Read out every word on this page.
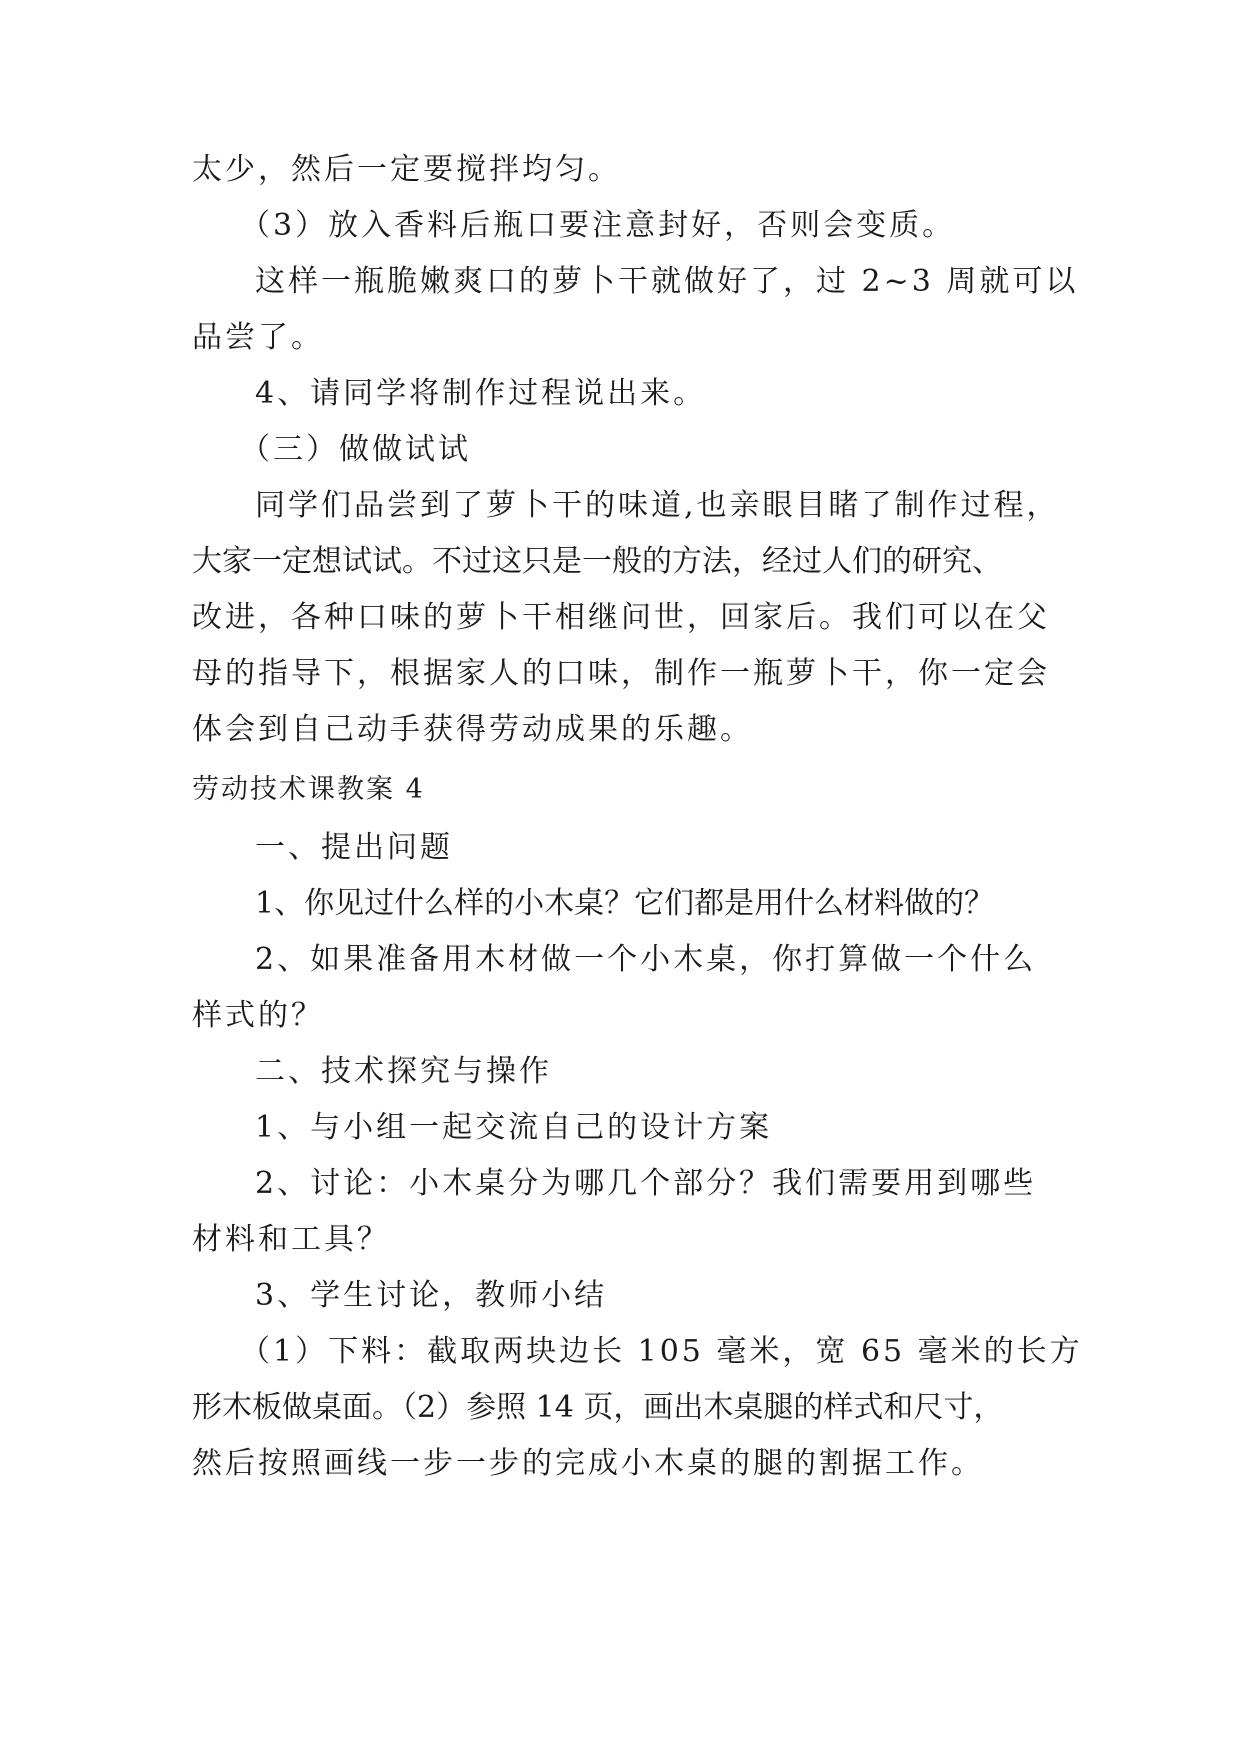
太少，然后一定要搅拌均匀。

（3）放入香料后瓶口要注意封好，否则会变质。

这样一瓶脆嫩爽口的萝卜干就做好了，过 2~3 周就可以

品尝了。

4、请同学将制作过程说出来。

（三）做做试试

同学们品尝到了萝卜干的味道,也亲眼目睹了制作过程，

大家一定想试试。不过这只是一般的方法，经过人们的研究、

改进，各种口味的萝卜干相继问世，回家后。我们可以在父

母的指导下，根据家人的口味，制作一瓶萝卜干，你一定会

体会到自己动手获得劳动成果的乐趣。

劳动技术课教案 4

一、提出问题

1、你见过什么样的小木桌？它们都是用什么材料做的？

2、如果准备用木材做一个小木桌，你打算做一个什么

样式的？

二、技术探究与操作

1、与小组一起交流自己的设计方案

2、讨论：小木桌分为哪几个部分？我们需要用到哪些

材料和工具？

3、学生讨论，教师小结

（1）下料：截取两块边长 105 毫米，宽 65 毫米的长方

形木板做桌面。（2）参照 14 页，画出木桌腿的样式和尺寸，

然后按照画线一步一步的完成小木桌的腿的割据工作。
